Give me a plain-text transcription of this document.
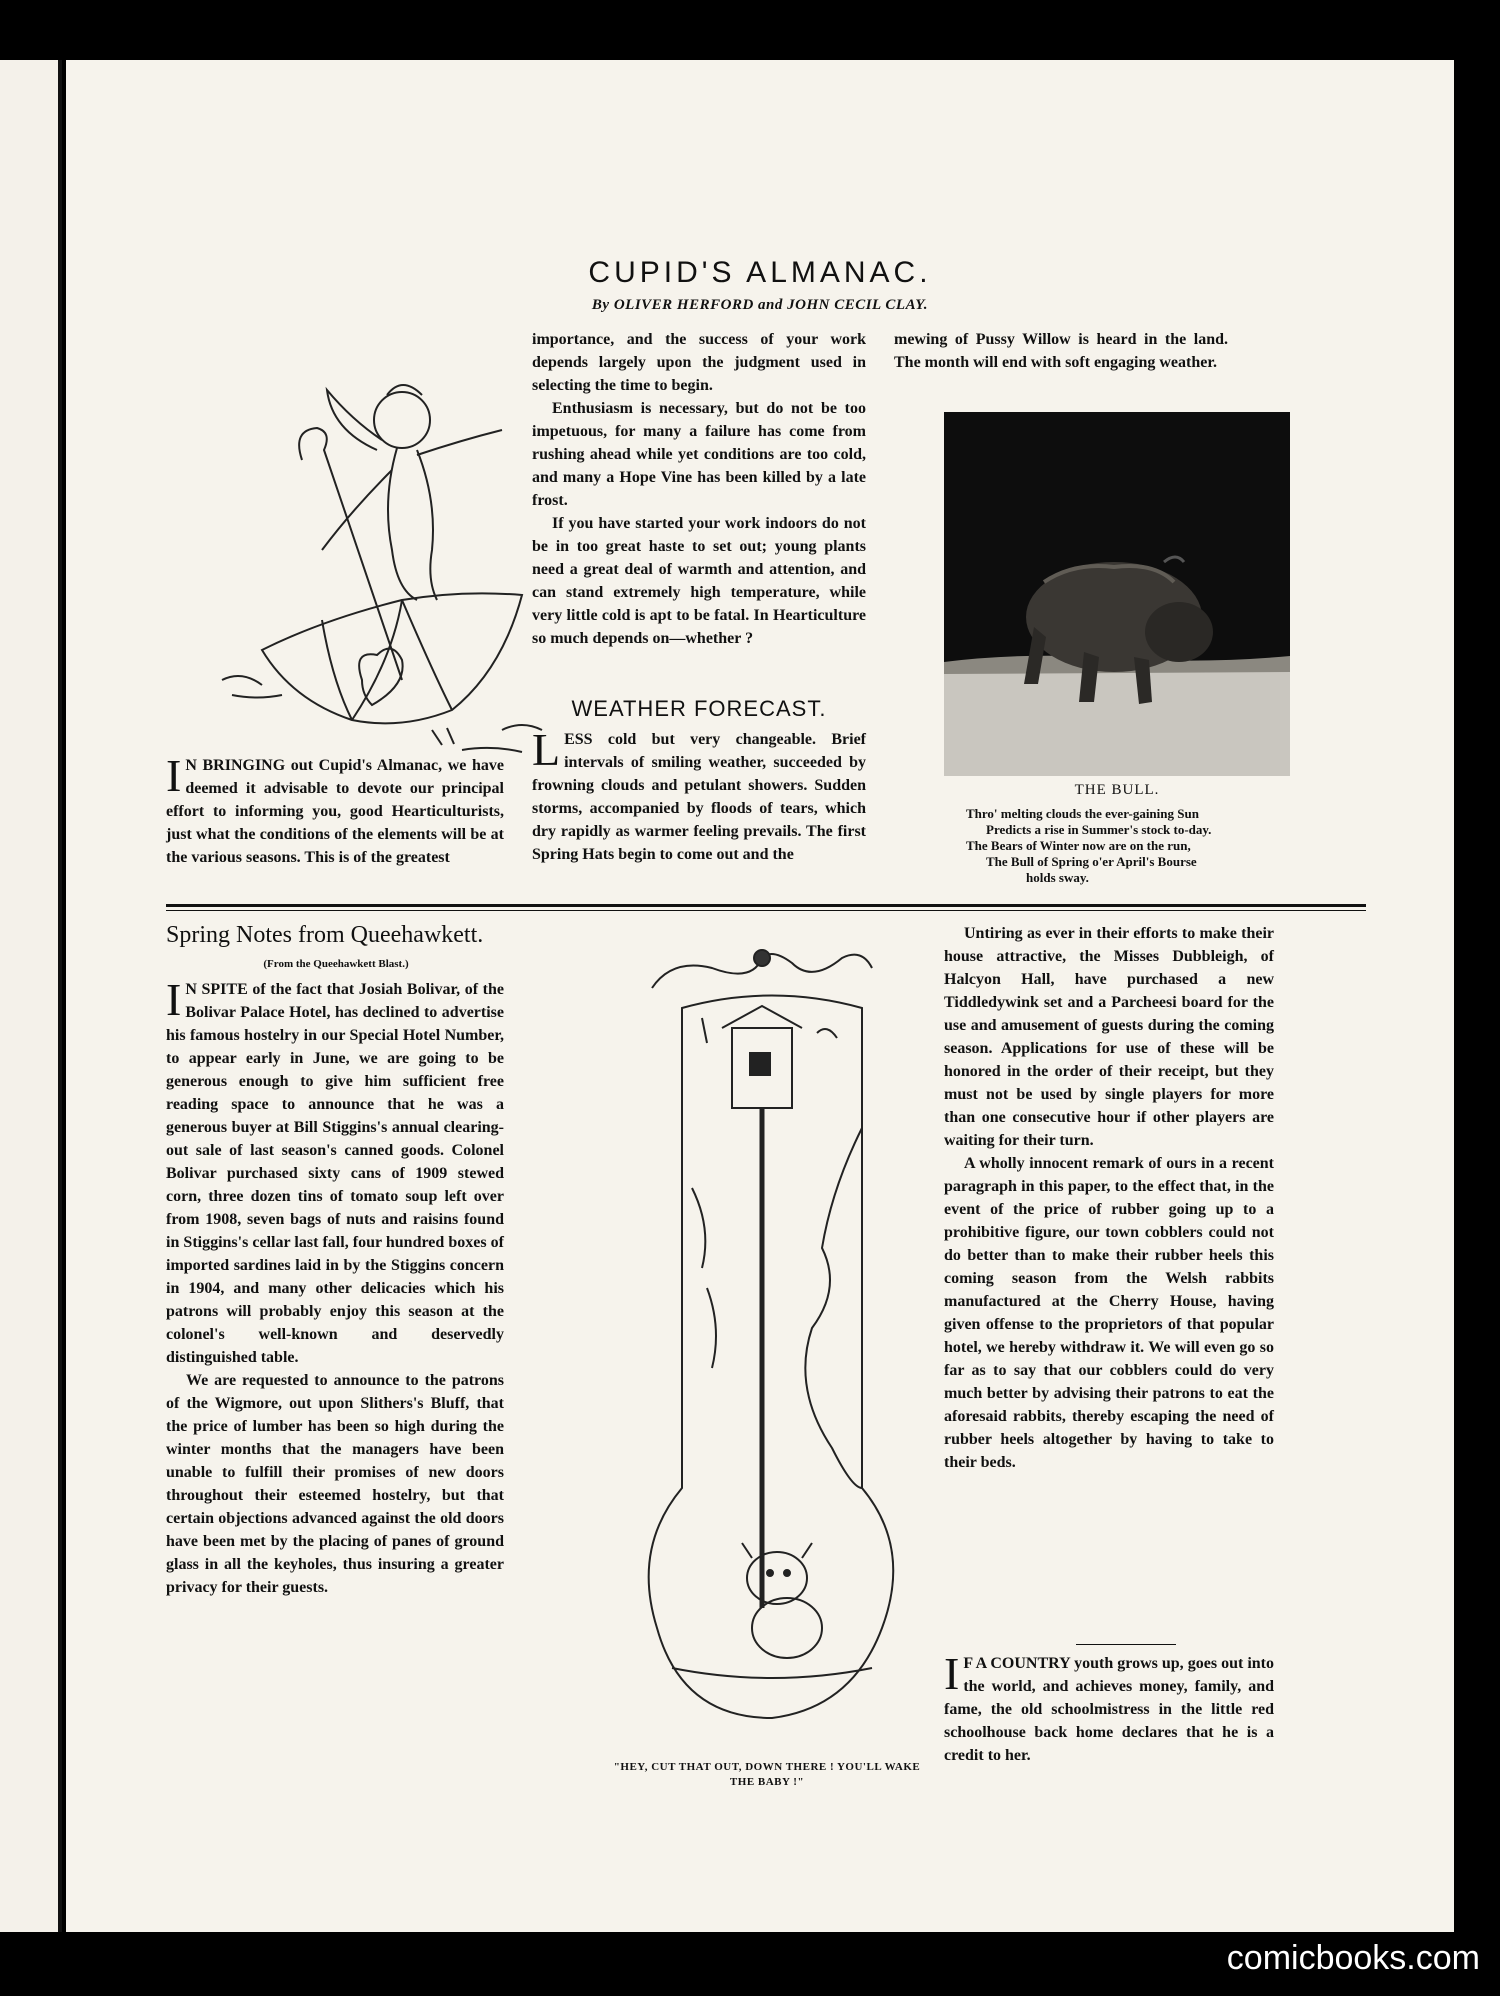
CUPID'S ALMANAC.
By OLIVER HERFORD and JOHN CECIL CLAY.
I N BRINGING out Cupid's Almanac, we have deemed it advisable to devote our principal effort to informing you, good Hearticulturists, just what the conditions of the elements will be at the various seasons. This is of the greatest

importance, and the success of your work depends largely upon the judgment used in selecting the time to begin.

Enthusiasm is necessary, but do not be too impetuous, for many a failure has come from rushing ahead while yet conditions are too cold, and many a Hope Vine has been killed by a late frost.

If you have started your work indoors do not be in too great haste to set out; young plants need a great deal of warmth and attention, and can stand extremely high temperature, while very little cold is apt to be fatal. In Hearticulture so much depends on—whether ?

WEATHER FORECAST.
LESS cold but very changeable. Brief intervals of smiling weather, succeeded by frowning clouds and petulant showers. Sudden storms, accompanied by floods of tears, which dry rapidly as warmer feeling prevails. The first Spring Hats begin to come out and the
mewing of Pussy Willow is heard in the land. The month will end with soft engaging weather.
THE BULL.
Thro' melting clouds the ever-gaining Sun
Predicts a rise in Summer's stock to-day.
The Bears of Winter now are on the run,
The Bull of Spring o'er April's Bourse
holds sway.
Spring Notes from Queehawkett.
(From the Queehawkett Blast.)

I N SPITE of the fact that Josiah Bolivar, of the Bolivar Palace Hotel, has declined to advertise his famous hostelry in our Special Hotel Number, to appear early in June, we are going to be generous enough to give him sufficient free reading space to announce that he was a generous buyer at Bill Stiggins's annual clearing-out sale of last season's canned goods. Colonel Bolivar purchased sixty cans of 1909 stewed corn, three dozen tins of tomato soup left over from 1908, seven bags of nuts and raisins found in Stiggins's cellar last fall, four hundred boxes of imported sardines laid in by the Stiggins concern in 1904, and many other delicacies which his patrons will probably enjoy this season at the colonel's well-known and deservedly distinguished table.

We are requested to announce to the patrons of the Wigmore, out upon Slithers's Bluff, that the price of lumber has been so high during the winter months that the managers have been unable to fulfill their promises of new doors throughout their esteemed hostelry, but that certain objections advanced against the old doors have been met by the placing of panes of ground glass in all the keyholes, thus insuring a greater privacy for their guests.

"HEY, CUT THAT OUT, DOWN THERE ! YOU'LL WAKE THE BABY !"

Untiring as ever in their efforts to make their house attractive, the Misses Dubbleigh, of Halcyon Hall, have purchased a new Tiddledywink set and a Parcheesi board for the use and amusement of guests during the coming season. Applications for use of these will be honored in the order of their receipt, but they must not be used by single players for more than one consecutive hour if other players are waiting for their turn.

A wholly innocent remark of ours in a recent paragraph in this paper, to the effect that, in the event of the price of rubber going up to a prohibitive figure, our town cobblers could not do better than to make their rubber heels this coming season from the Welsh rabbits manufactured at the Cherry House, having given offense to the proprietors of that popular hotel, we hereby withdraw it. We will even go so far as to say that our cobblers could do very much better by advising their patrons to eat the aforesaid rabbits, thereby escaping the need of rubber heels altogether by having to take to their beds.

I F A COUNTRY youth grows up, goes out into the world, and achieves money, family, and fame, the old schoolmistress in the little red schoolhouse back home declares that he is a credit to her.
comicbooks.com
